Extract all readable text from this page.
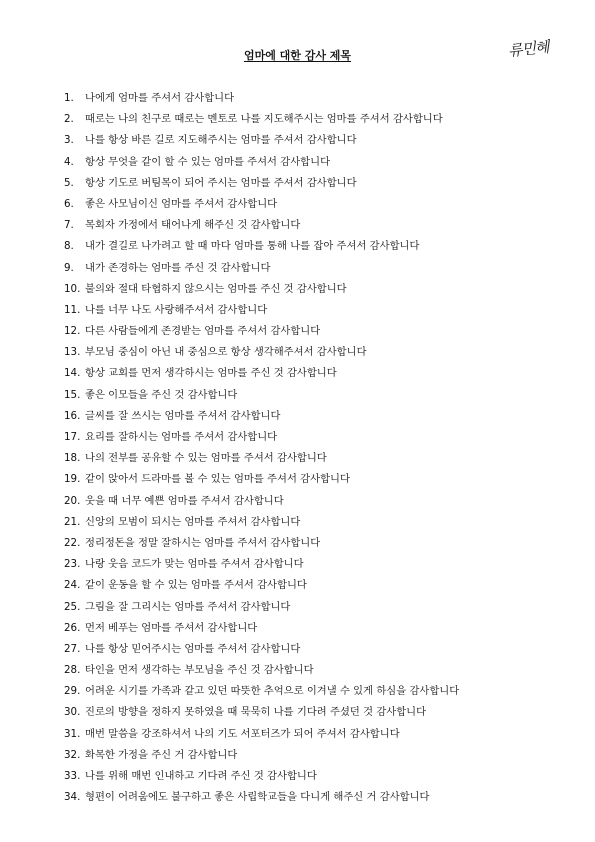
엄마에 대한 감사 제목	류민혜
1.	나에게 엄마를 주셔서 감사합니다
2.	때로는 나의 친구로 때로는 멘토로 나를 지도해주시는 엄마를 주셔서 감사합니다
3.	나를 항상 바른 길로 지도해주시는 엄마를 주셔서 감사합니다
4.	항상 무엇을 같이 할 수 있는 엄마를 주셔서 감사합니다
5.	항상 기도로 버팀목이 되어 주시는 엄마를 주셔서 감사합니다
6.	좋은 사모님이신 엄마를 주셔서 감사합니다
7.	목회자 가정에서 태어나게 해주신 것 감사합니다
8.	내가 결길로 나가려고 할 때 마다 엄마를 통해 나를 잡아 주셔서 감사합니다
9.	내가 존경하는 엄마를 주신 것 감사합니다
10. 불의와 절대 타협하지 않으시는 엄마를 주신 것 감사합니다
11. 나를 너무 나도 사랑해주셔서 감사합니다
12. 다른 사람들에게 존경받는 엄마를 주셔서 감사합니다
13. 부모님 중심이 아닌 내 중심으로 항상 생각해주셔서 감사합니다
14. 항상 교회를 먼저 생각하시는 엄마를 주신 것 감사합니다
15. 좋은 이모들을 주신 것 감사합니다
16. 글씨를 잘 쓰시는 엄마를 주셔서 감사합니다
17. 요리를 잘하시는 엄마를 주셔서 감사합니다
18. 나의 전부를 공유할 수 있는 엄마를 주셔서 감사합니다
19. 같이 앉아서 드라마를 볼 수 있는 엄마를 주셔서 감사합니다
20. 웃을 때 너무 예쁜 엄마를 주셔서 감사합니다
21. 신앙의 모범이 되시는 엄마를 주셔서 감사합니다
22. 정리정돈을 정말 잘하시는 엄마를 주셔서 감사합니다
23. 나랑 웃음 코드가 맞는 엄마를 주셔서 감사합니다
24. 같이 운동을 할 수 있는 엄마를 주셔서 감사합니다
25. 그림을 잘 그리시는 엄마를 주셔서 감사합니다
26. 먼저 베푸는 엄마를 주셔서 감사합니다
27. 나를 항상 믿어주시는 엄마를 주셔서 감사합니다
28. 타인을 먼저 생각하는 부모님을 주신 것 감사합니다
29. 어려운 시기를 가족과 같고 있던 따뜻한 추억으로 이겨낼 수 있게 하심을 감사합니다
30. 진로의 방향을 정하지 못하였을 때 묵묵히 나를 기다려 주셨던 것 감사합니다
31. 매번 말씀을 강조하셔서 나의 기도 서포터즈가 되어 주셔서 감사합니다
32. 화목한 가정을 주신 거 감사합니다
33. 나를 위해 매번 인내하고 기다려 주신 것 감사합니다
34. 형편이 어려움에도 불구하고 좋은 사립학교들을 다니게 해주신 거 감사합니다
